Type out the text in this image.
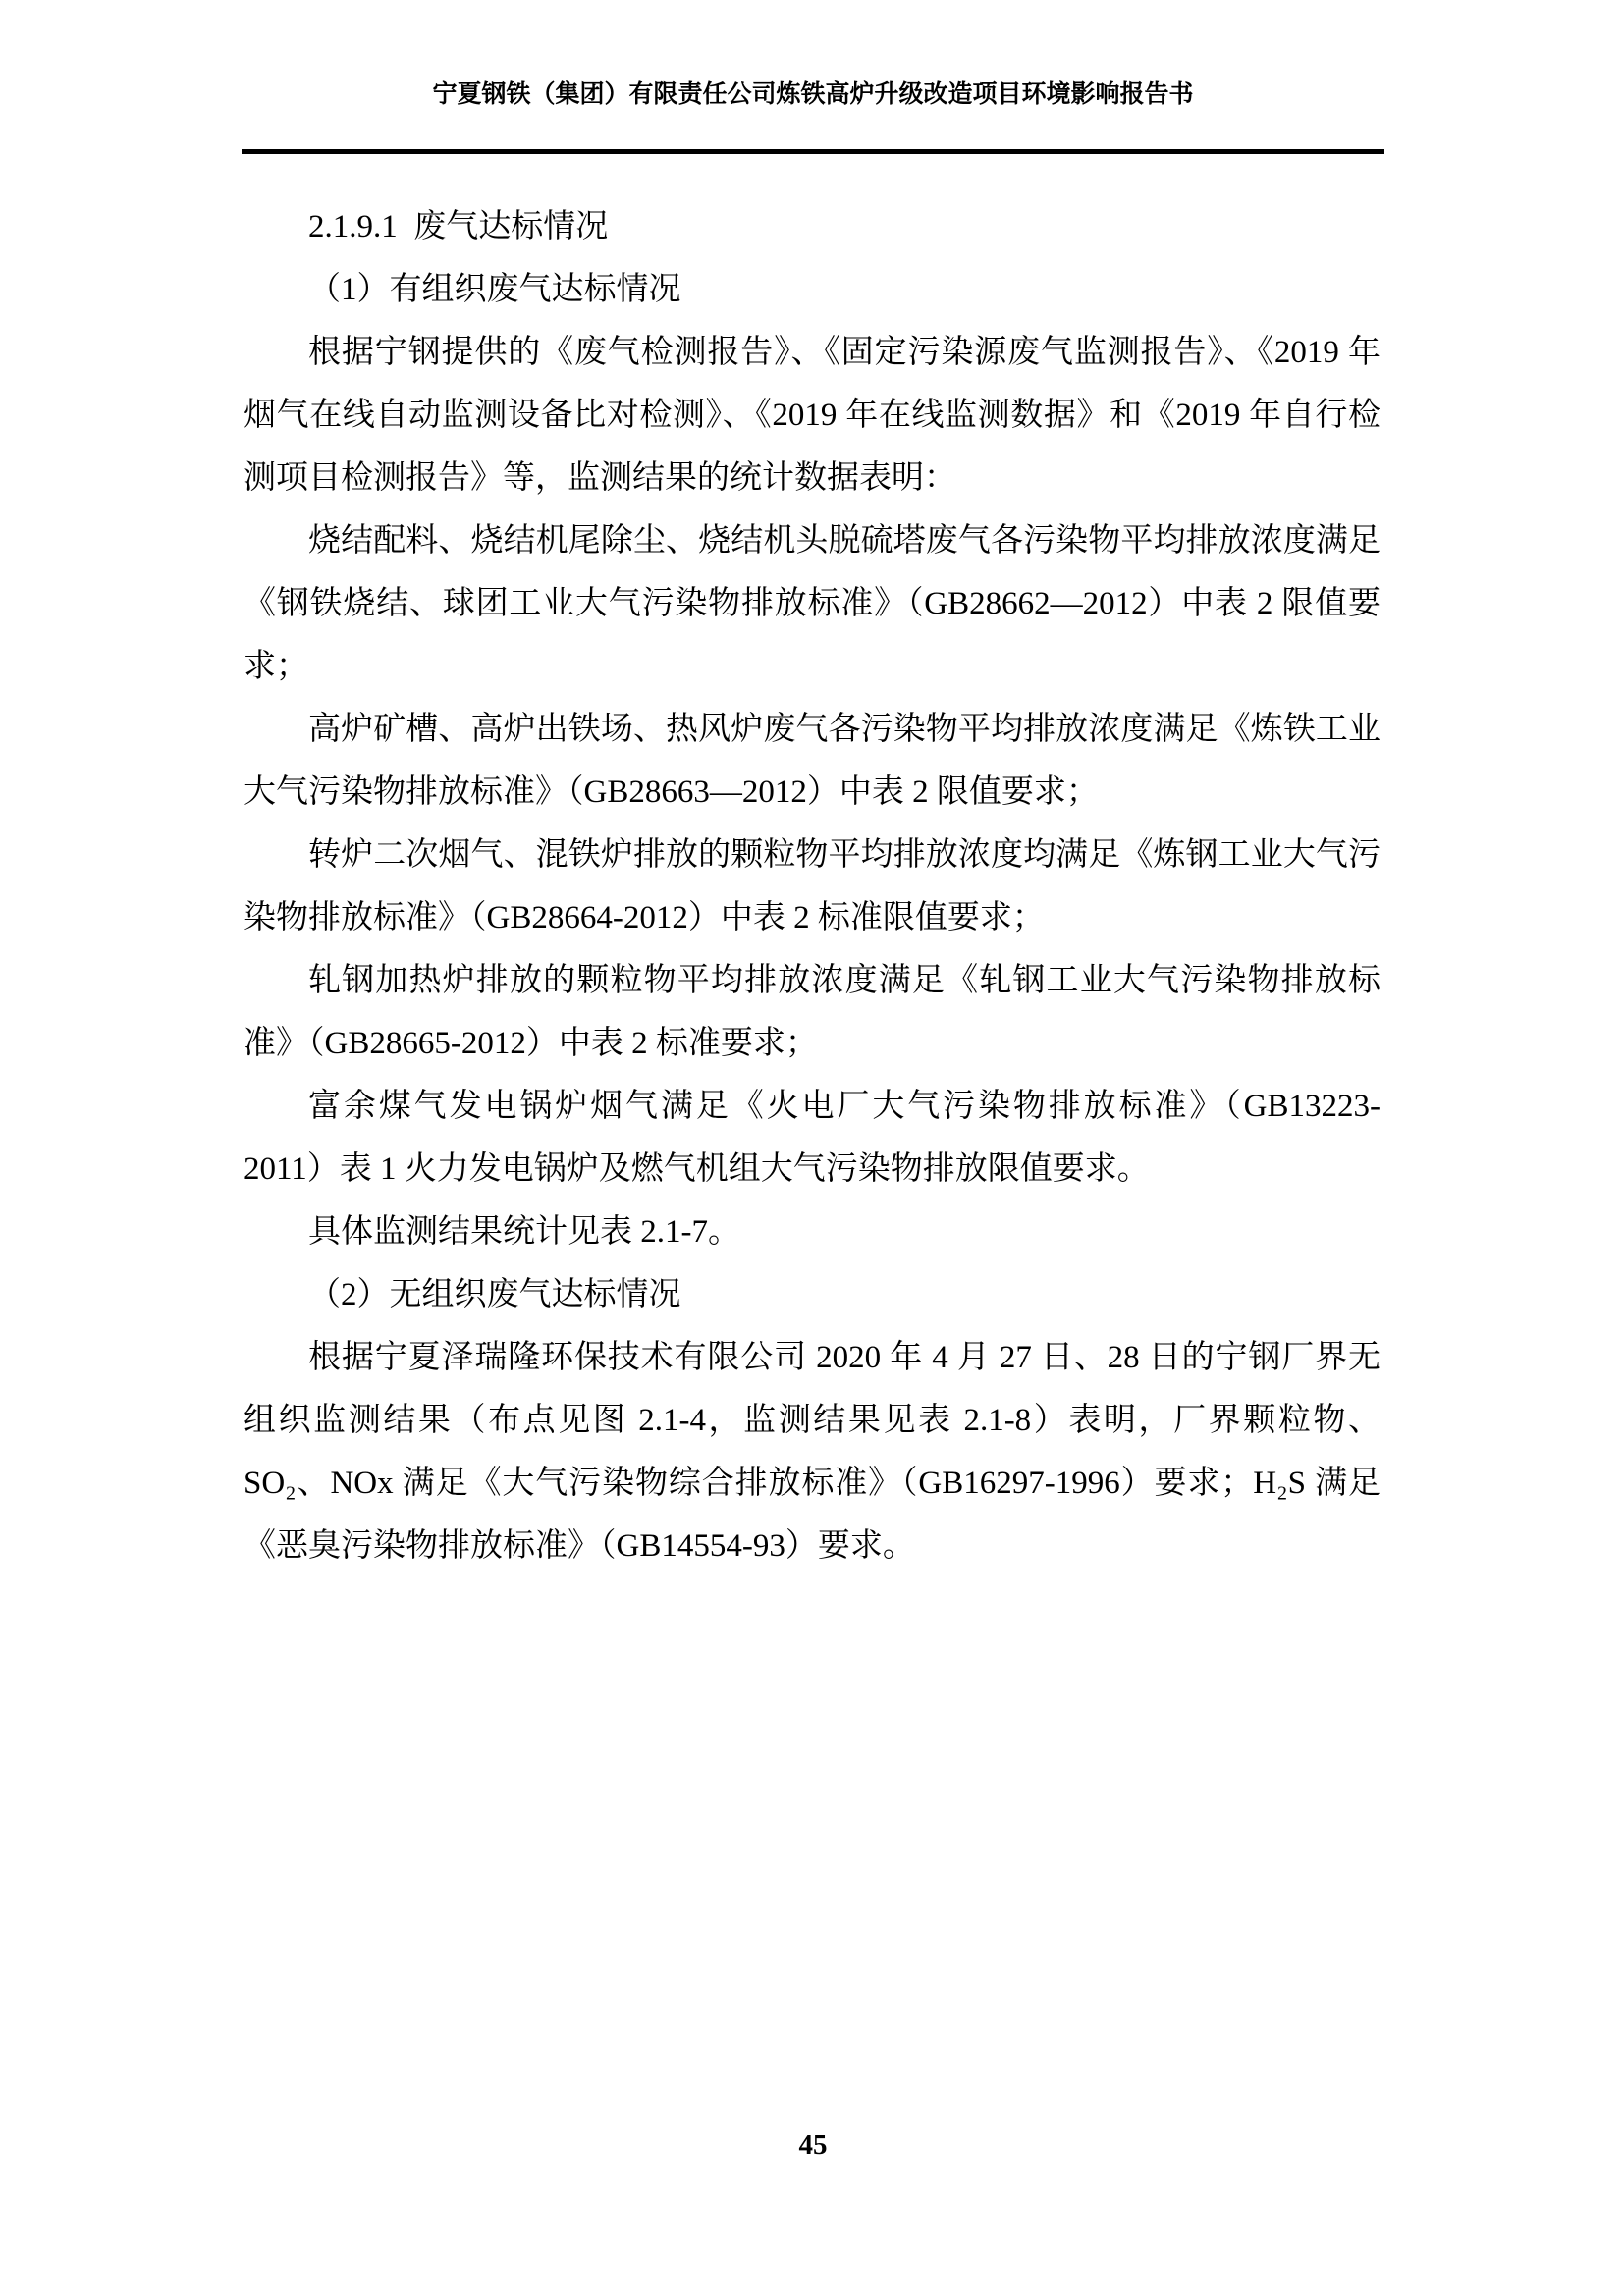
宁夏钢铁（集团）有限责任公司炼铁高炉升级改造项目环境影响报告书

2.1.9.1  废气达标情况

（1）有组织废气达标情况

根据宁钢提供的《废气检测报告》、《固定污染源废气监测报告》、《2019 年烟气在线自动监测设备比对检测》、《2019 年在线监测数据》和《2019 年自行检测项目检测报告》等，监测结果的统计数据表明：

烧结配料、烧结机尾除尘、烧结机头脱硫塔废气各污染物平均排放浓度满足《钢铁烧结、球团工业大气污染物排放标准》（GB28662—2012）中表 2 限值要求；

高炉矿槽、高炉出铁场、热风炉废气各污染物平均排放浓度满足《炼铁工业大气污染物排放标准》（GB28663—2012）中表 2 限值要求；

转炉二次烟气、混铁炉排放的颗粒物平均排放浓度均满足《炼钢工业大气污染物排放标准》（GB28664-2012）中表 2 标准限值要求；

轧钢加热炉排放的颗粒物平均排放浓度满足《轧钢工业大气污染物排放标准》（GB28665-2012）中表 2 标准要求；

富余煤气发电锅炉烟气满足《火电厂大气污染物排放标准》（GB13223-2011）表 1 火力发电锅炉及燃气机组大气污染物排放限值要求。

具体监测结果统计见表 2.1-7。

（2）无组织废气达标情况

根据宁夏泽瑞隆环保技术有限公司 2020 年 4 月 27 日、28 日的宁钢厂界无组织监测结果（布点见图 2.1-4，监测结果见表 2.1-8）表明，厂界颗粒物、SO₂、NOx 满足《大气污染物综合排放标准》（GB16297-1996）要求；H₂S 满足《恶臭污染物排放标准》（GB14554-93）要求。

45
